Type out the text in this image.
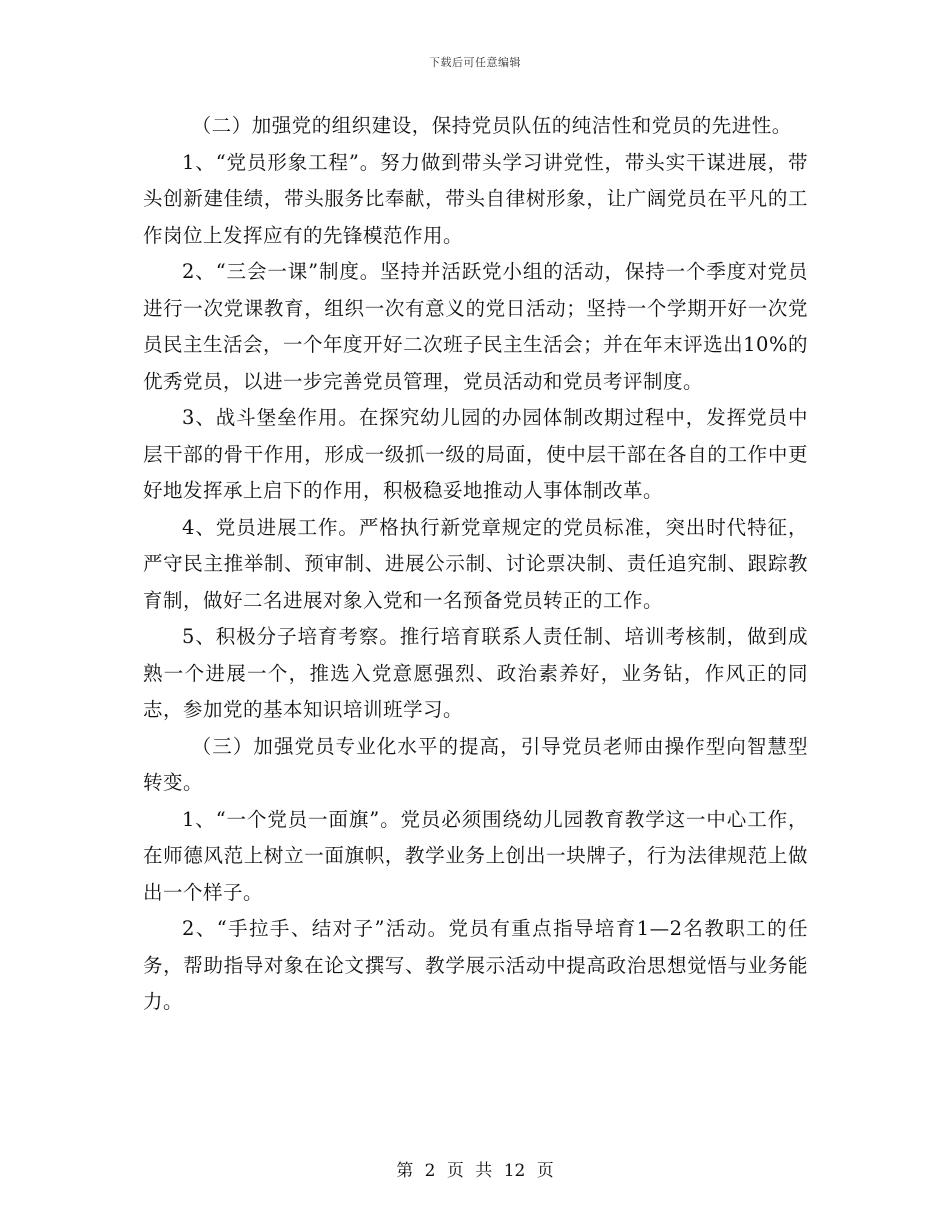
下载后可任意编辑

（二）加强党的组织建设，保持党员队伍的纯洁性和党员的先进性。

1、“党员形象工程”。努力做到带头学习讲党性，带头实干谋进展，带头创新建佳绩，带头服务比奉献，带头自律树形象，让广阔党员在平凡的工作岗位上发挥应有的先锋模范作用。

2、“三会一课”制度。坚持并活跃党小组的活动，保持一个季度对党员进行一次党课教育，组织一次有意义的党日活动；坚持一个学期开好一次党员民主生活会，一个年度开好二次班子民主生活会；并在年末评选出10%的优秀党员，以进一步完善党员管理，党员活动和党员考评制度。

3、战斗堡垒作用。在探究幼儿园的办园体制改期过程中，发挥党员中层干部的骨干作用，形成一级抓一级的局面，使中层干部在各自的工作中更好地发挥承上启下的作用，积极稳妥地推动人事体制改革。

4、党员进展工作。严格执行新党章规定的党员标准，突出时代特征，严守民主推举制、预审制、进展公示制、讨论票决制、责任追究制、跟踪教育制，做好二名进展对象入党和一名预备党员转正的工作。

5、积极分子培育考察。推行培育联系人责任制、培训考核制，做到成熟一个进展一个，推选入党意愿强烈、政治素养好，业务钻，作风正的同志，参加党的基本知识培训班学习。

（三）加强党员专业化水平的提高，引导党员老师由操作型向智慧型转变。

1、“一个党员一面旗”。党员必须围绕幼儿园教育教学这一中心工作，在师德风范上树立一面旗帜，教学业务上创出一块牌子，行为法律规范上做出一个样子。

2、“手拉手、结对子”活动。党员有重点指导培育1—2名教职工的任务，帮助指导对象在论文撰写、教学展示活动中提高政治思想觉悟与业务能力。

第 2 页 共 12 页
